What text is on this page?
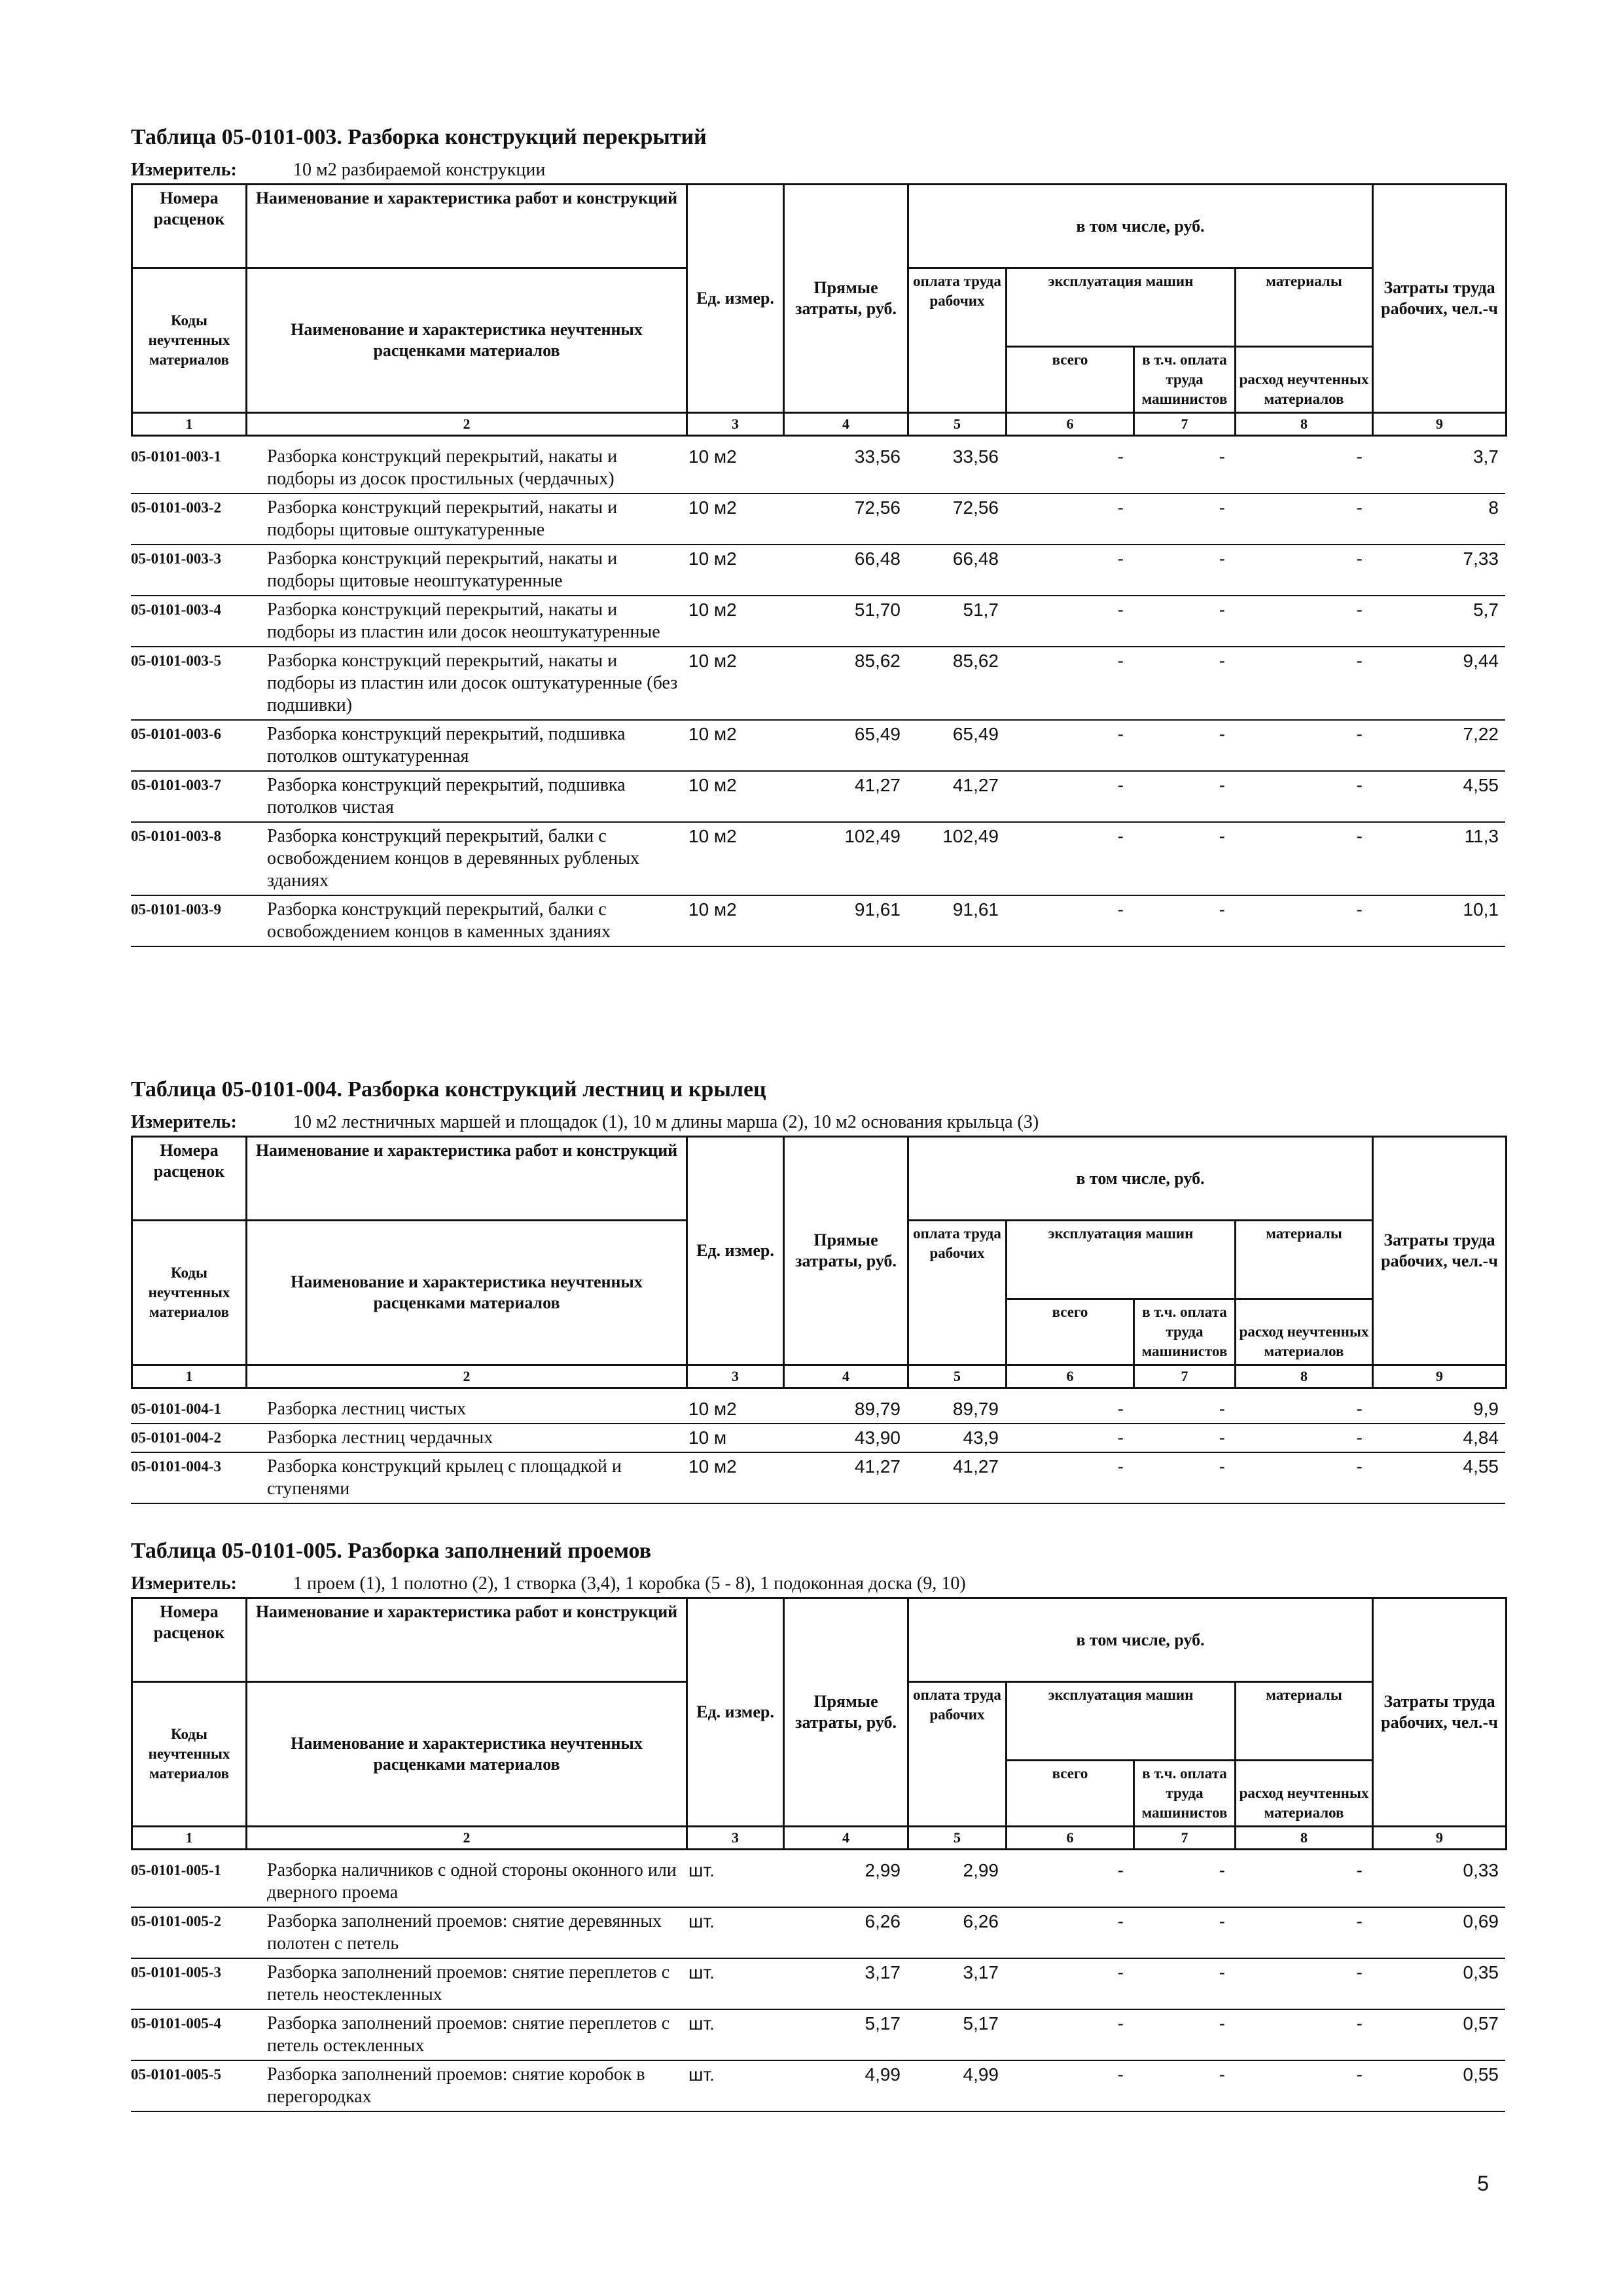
Таблица 05-0101-003. Разборка конструкций перекрытий
Измеритель:	10 м2 разбираемой конструкции
Номера расценок	Наименование и характеристика работ и конструкций	Ед. измер.	Прямые затраты, руб.	в том числе, руб.				Затраты труда рабочих, чел.-ч
Коды неучтенных материалов	Наименование и характеристика неучтенных расценками материалов			оплата труда рабочих	эксплуатация машин		материалы	
					всего	в т.ч. оплата труда машинистов	расход неучтенных материалов	
1	2	3	4	5	6	7	8	9
05-0101-003-1	Разборка конструкций перекрытий, накаты и подборы из досок простильных (чердачных)	10 м2	33,56	33,56	-	-	-	3,7
05-0101-003-2	Разборка конструкций перекрытий, накаты и подборы щитовые оштукатуренные	10 м2	72,56	72,56	-	-	-	8
05-0101-003-3	Разборка конструкций перекрытий, накаты и подборы щитовые неоштукатуренные	10 м2	66,48	66,48	-	-	-	7,33
05-0101-003-4	Разборка конструкций перекрытий, накаты и подборы из пластин или досок неоштукатуренные	10 м2	51,70	51,7	-	-	-	5,7
05-0101-003-5	Разборка конструкций перекрытий, накаты и подборы из пластин или досок оштукатуренные (без подшивки)	10 м2	85,62	85,62	-	-	-	9,44
05-0101-003-6	Разборка конструкций перекрытий, подшивка потолков оштукатуренная	10 м2	65,49	65,49	-	-	-	7,22
05-0101-003-7	Разборка конструкций перекрытий, подшивка потолков чистая	10 м2	41,27	41,27	-	-	-	4,55
05-0101-003-8	Разборка конструкций перекрытий, балки с освобождением концов в деревянных рубленых зданиях	10 м2	102,49	102,49	-	-	-	11,3
05-0101-003-9	Разборка конструкций перекрытий, балки с освобождением концов в каменных зданиях	10 м2	91,61	91,61	-	-	-	10,1
Таблица 05-0101-004. Разборка конструкций лестниц и крылец
Измеритель:	10 м2 лестничных маршей и площадок (1), 10 м длины марша (2), 10 м2 основания крыльца (3)
Номера расценок	Наименование и характеристика работ и конструкций	Ед. измер.	Прямые затраты, руб.	в том числе, руб.				Затраты труда рабочих, чел.-ч
Коды неучтенных материалов	Наименование и характеристика неучтенных расценками материалов			оплата труда рабочих	эксплуатация машин		материалы	
					всего	в т.ч. оплата труда машинистов	расход неучтенных материалов	
1	2	3	4	5	6	7	8	9
05-0101-004-1	Разборка лестниц чистых	10 м2	89,79	89,79	-	-	-	9,9
05-0101-004-2	Разборка лестниц чердачных	10 м	43,90	43,9	-	-	-	4,84
05-0101-004-3	Разборка конструкций крылец с площадкой и ступенями	10 м2	41,27	41,27	-	-	-	4,55
Таблица 05-0101-005. Разборка заполнений проемов
Измеритель:	1 проем (1), 1 полотно (2), 1 створка (3,4), 1 коробка (5 - 8), 1 подоконная доска (9, 10)
Номера расценок	Наименование и характеристика работ и конструкций	Ед. измер.	Прямые затраты, руб.	в том числе, руб.				Затраты труда рабочих, чел.-ч
Коды неучтенных материалов	Наименование и характеристика неучтенных расценками материалов			оплата труда рабочих	эксплуатация машин		материалы	
					всего	в т.ч. оплата труда машинистов	расход неучтенных материалов	
1	2	3	4	5	6	7	8	9
05-0101-005-1	Разборка наличников с одной стороны оконного или дверного проема	шт.	2,99	2,99	-	-	-	0,33
05-0101-005-2	Разборка заполнений проемов: снятие деревянных полотен с петель	шт.	6,26	6,26	-	-	-	0,69
05-0101-005-3	Разборка заполнений проемов: снятие переплетов с петель неостекленных	шт.	3,17	3,17	-	-	-	0,35
05-0101-005-4	Разборка заполнений проемов: снятие переплетов с петель остекленных	шт.	5,17	5,17	-	-	-	0,57
05-0101-005-5	Разборка заполнений проемов: снятие коробок в перегородках	шт.	4,99	4,99	-	-	-	0,55
5
